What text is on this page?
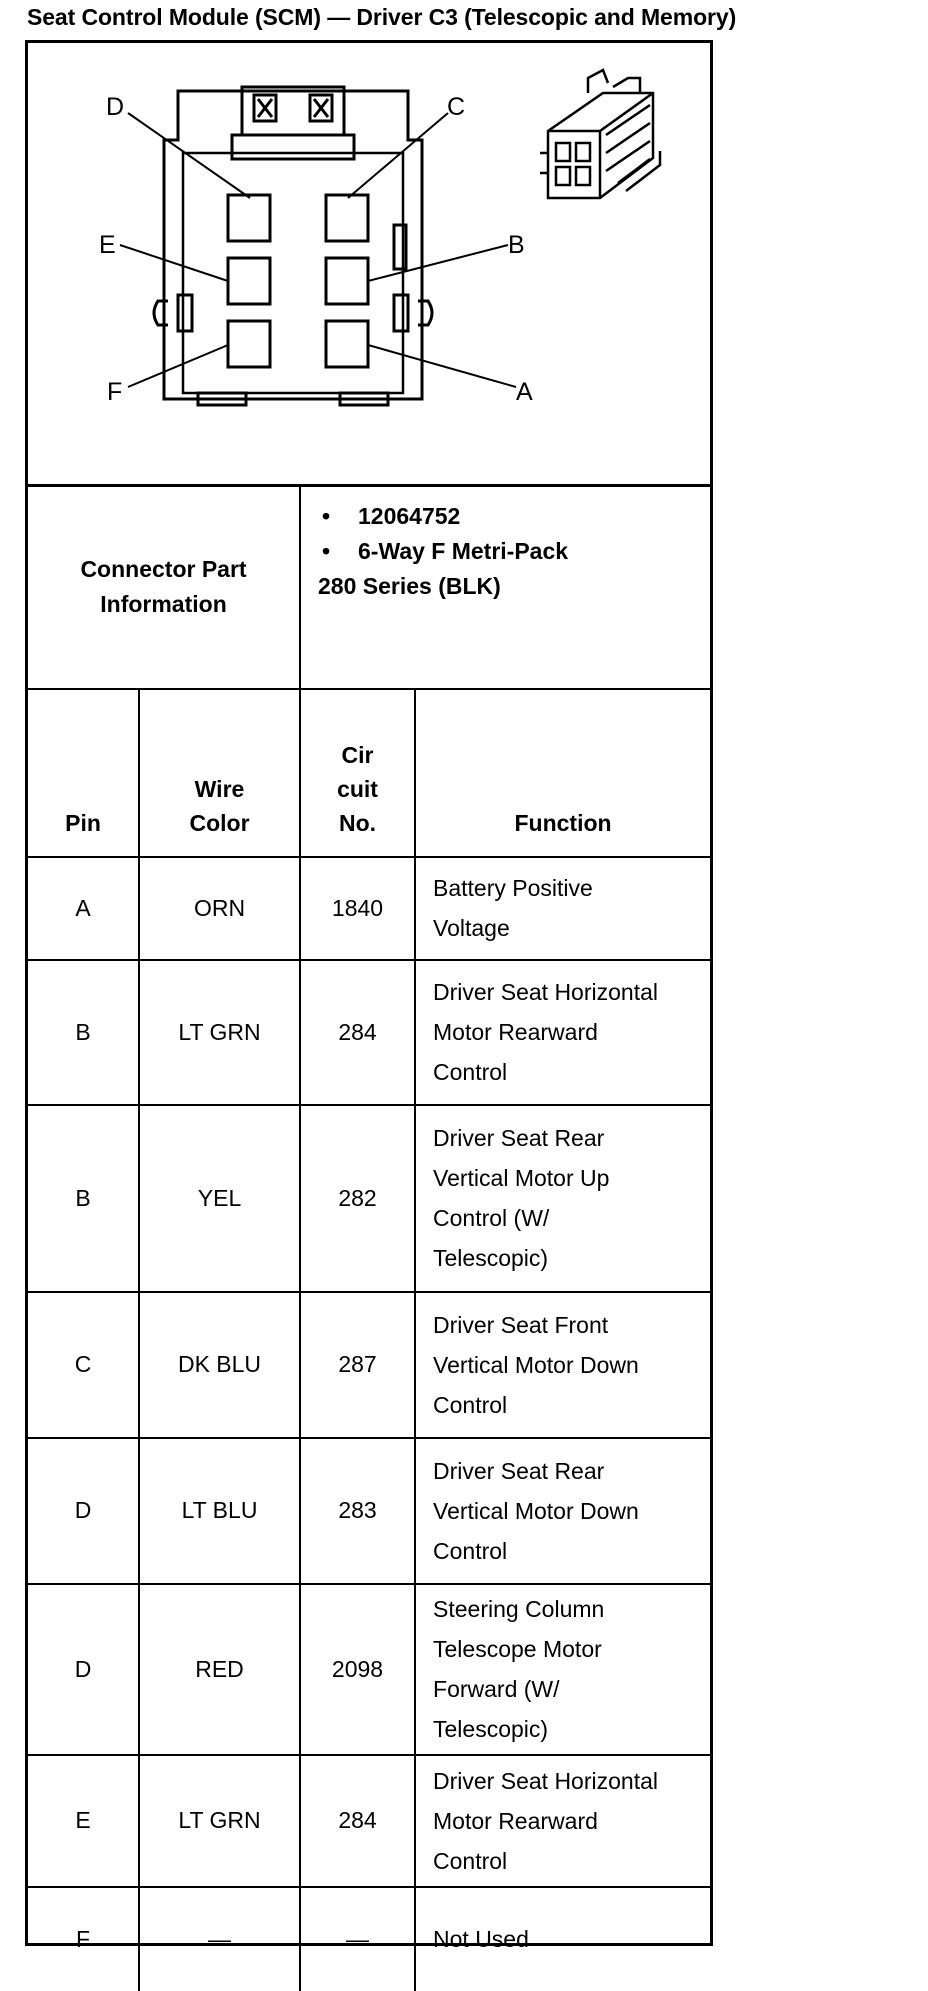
Seat Control Module (SCM) — Driver C3 (Telescopic and Memory)
D	C
E	B
F	A
Connector Part Information		• 12064752
• 6-Way F Metri-Pack
280 Series (BLK)

Pin	Wire Color	Cir cuit No.	Function
A	ORN	1840	Battery Positive Voltage

B	LT GRN	284	Driver Seat Horizontal Motor Rearward Control

B	YEL	282	Driver Seat Rear Vertical Motor Up Control (W/ Telescopic)

C	DK BLU	287	Driver Seat Front Vertical Motor Down Control

D	LT BLU	283	Driver Seat Rear Vertical Motor Down Control

D	RED	2098	Steering Column Telescope Motor Forward (W/ Telescopic)

E	LT GRN	284	Driver Seat Horizontal Motor Rearward Control

F	—	—	Not Used
